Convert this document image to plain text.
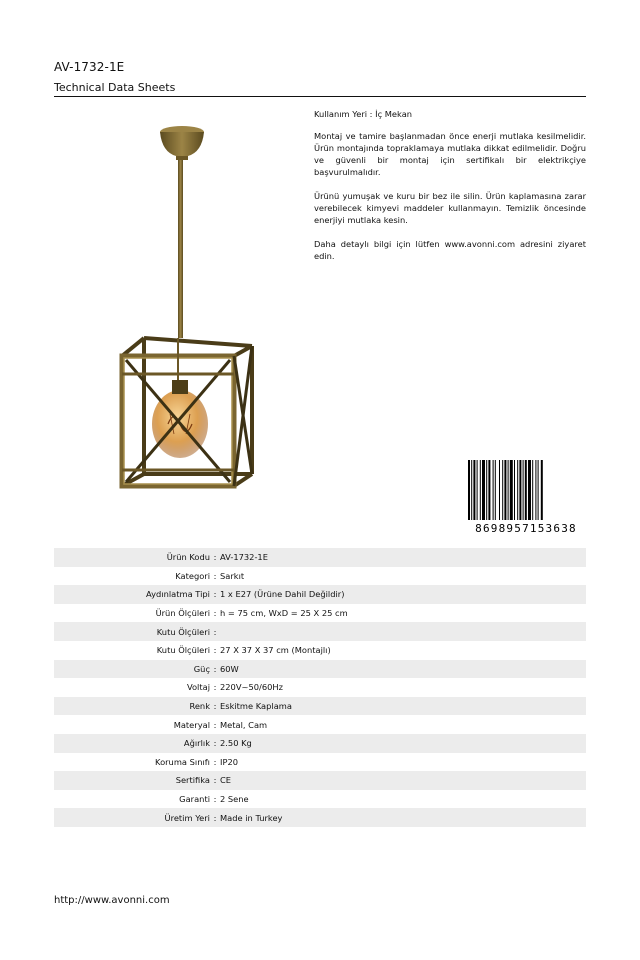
AV-1732-1E
Technical Data Sheets

Kullanım Yeri : İç Mekan

Montaj ve tamire başlanmadan önce enerji mutlaka kesilmelidir. Ürün montajında topraklamaya mutlaka dikkat edilmelidir. Doğru ve güvenli bir montaj için sertifikalı bir elektrikçiye başvurulmalıdır.

Ürünü yumuşak ve kuru bir bez ile silin. Ürün kaplamasına zarar verebilecek kimyevi maddeler kullanmayın. Temizlik öncesinde enerjiyi mutlaka kesin.

Daha detaylı bilgi için lütfen www.avonni.com adresini ziyaret edin.

8698957153638
Ürün Kodu : AV-1732-1E
Kategori : Sarkıt
Aydınlatma Tipi : 1 x E27 (Ürüne Dahil Değildir)
Ürün Ölçüleri : h = 75 cm, WxD = 25 X 25 cm
Kutu Ölçüleri :
Kutu Ölçüleri : 27 X 37 X 37 cm (Montajlı)
Güç : 60W
Voltaj : 220V~50/60Hz
Renk : Eskitme Kaplama
Materyal : Metal, Cam
Ağırlık : 2.50 Kg
Koruma Sınıfı : IP20
Sertifika : CE
Garanti : 2 Sene
Üretim Yeri : Made in Turkey
http://www.avonni.com
